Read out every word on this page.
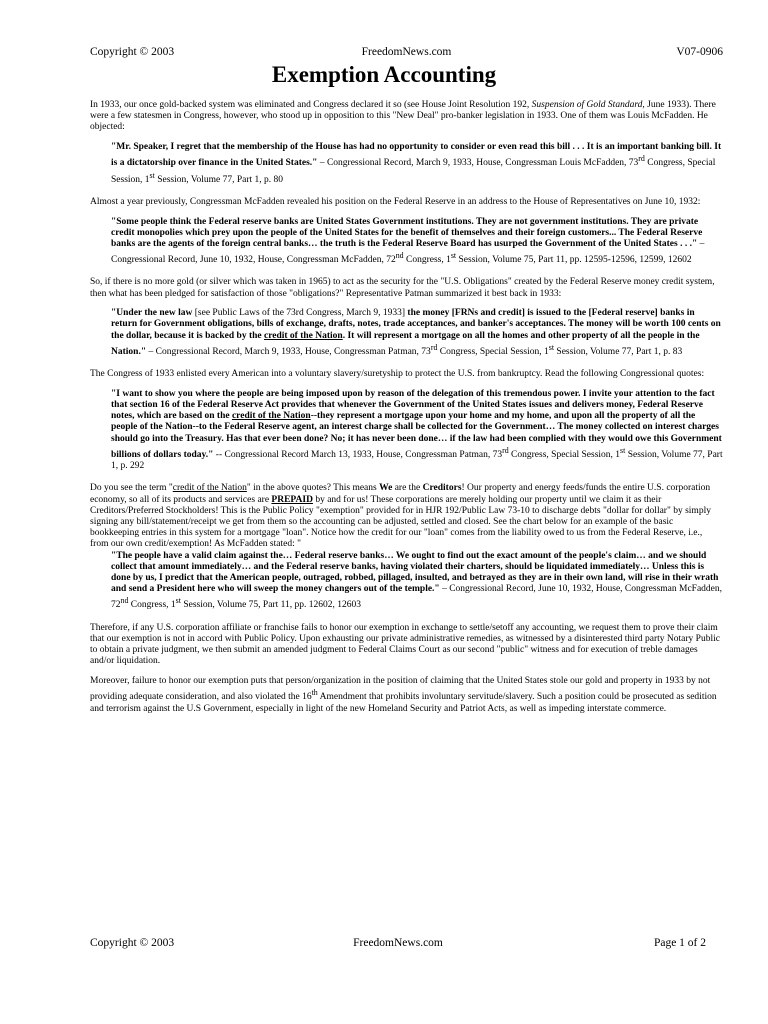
Copyright © 2003	FreedomNews.com	V07-0906
Exemption Accounting

In 1933, our once gold-backed system was eliminated and Congress declared it so (see House Joint Resolution 192, Suspension of Gold Standard, June 1933). There were a few statesmen in Congress, however, who stood up in opposition to this "New Deal" pro-banker legislation in 1933. One of them was Louis McFadden. He objected:

"Mr. Speaker, I regret that the membership of the House has had no opportunity to consider or even read this bill . . . It is an important banking bill. It is a dictatorship over finance in the United States." – Congressional Record, March 9, 1933, House, Congressman Louis McFadden, 73rd Congress, Special Session, 1st Session, Volume 77, Part 1, p. 80

Almost a year previously, Congressman McFadden revealed his position on the Federal Reserve in an address to the House of Representatives on June 10, 1932:

"Some people think the Federal reserve banks are United States Government institutions. They are not government institutions. They are private credit monopolies which prey upon the people of the United States for the benefit of themselves and their foreign customers... The Federal Reserve banks are the agents of the foreign central banks… the truth is the Federal Reserve Board has usurped the Government of the United States . . ." –Congressional Record, June 10, 1932, House, Congressman McFadden, 72nd Congress, 1st Session, Volume 75, Part 11, pp. 12595-12596, 12599, 12602

So, if there is no more gold (or silver which was taken in 1965) to act as the security for the "U.S. Obligations" created by the Federal Reserve money credit system, then what has been pledged for satisfaction of those "obligations?" Representative Patman summarized it best back in 1933:

"Under the new law [see Public Laws of the 73rd Congress, March 9, 1933] the money [FRNs and credit] is issued to the [Federal reserve] banks in return for Government obligations, bills of exchange, drafts, notes, trade acceptances, and banker's acceptances. The money will be worth 100 cents on the dollar, because it is backed by the credit of the Nation. It will represent a mortgage on all the homes and other property of all the people in the Nation." – Congressional Record, March 9, 1933, House, Congressman Patman, 73rd Congress, Special Session, 1st Session, Volume 77, Part 1, p. 83

The Congress of 1933 enlisted every American into a voluntary slavery/suretyship to protect the U.S. from bankruptcy. Read the following Congressional quotes:

"I want to show you where the people are being imposed upon by reason of the delegation of this tremendous power. I invite your attention to the fact that section 16 of the Federal Reserve Act provides that whenever the Government of the United States issues and delivers money, Federal Reserve notes, which are based on the credit of the Nation--they represent a mortgage upon your home and my home, and upon all the property of all the people of the Nation--to the Federal Reserve agent, an interest charge shall be collected for the Government… The money collected on interest charges should go into the Treasury. Has that ever been done? No; it has never been done… if the law had been complied with they would owe this Government billions of dollars today." -- Congressional Record March 13, 1933, House, Congressman Patman, 73rd Congress, Special Session, 1st Session, Volume 77, Part 1, p. 292

Do you see the term "credit of the Nation" in the above quotes? This means We are the Creditors! Our property and energy feeds/funds the entire U.S. corporation economy, so all of its products and services are PREPAID by and for us! These corporations are merely holding our property until we claim it as their Creditors/Preferred Stockholders! This is the Public Policy "exemption" provided for in HJR 192/Public Law 73-10 to discharge debts "dollar for dollar" by simply signing any bill/statement/receipt we get from them so the accounting can be adjusted, settled and closed. See the chart below for an example of the basic bookkeeping entries in this system for a mortgage "loan". Notice how the credit for our "loan" comes from the liability owed to us from the Federal Reserve, i.e., from our own credit/exemption! As McFadden stated: "

"The people have a valid claim against the… Federal reserve banks… We ought to find out the exact amount of the people's claim… and we should collect that amount immediately… and the Federal reserve banks, having violated their charters, should be liquidated immediately… Unless this is done by us, I predict that the American people, outraged, robbed, pillaged, insulted, and betrayed as they are in their own land, will rise in their wrath and send a President here who will sweep the money changers out of the temple." – Congressional Record, June 10, 1932, House, Congressman McFadden, 72nd Congress, 1st Session, Volume 75, Part 11, pp. 12602, 12603

Therefore, if any U.S. corporation affiliate or franchise fails to honor our exemption in exchange to settle/setoff any accounting, we request them to prove their claim that our exemption is not in accord with Public Policy. Upon exhausting our private administrative remedies, as witnessed by a disinterested third party Notary Public to obtain a private judgment, we then submit an amended judgment to Federal Claims Court as our second "public" witness and for execution of treble damages and/or liquidation.

Moreover, failure to honor our exemption puts that person/organization in the position of claiming that the United States stole our gold and property in 1933 by not providing adequate consideration, and also violated the 16th Amendment that prohibits involuntary servitude/slavery. Such a position could be prosecuted as sedition and terrorism against the U.S Government, especially in light of the new Homeland Security and Patriot Acts, as well as impeding interstate commerce.

Copyright © 2003	FreedomNews.com	Page 1 of 2
